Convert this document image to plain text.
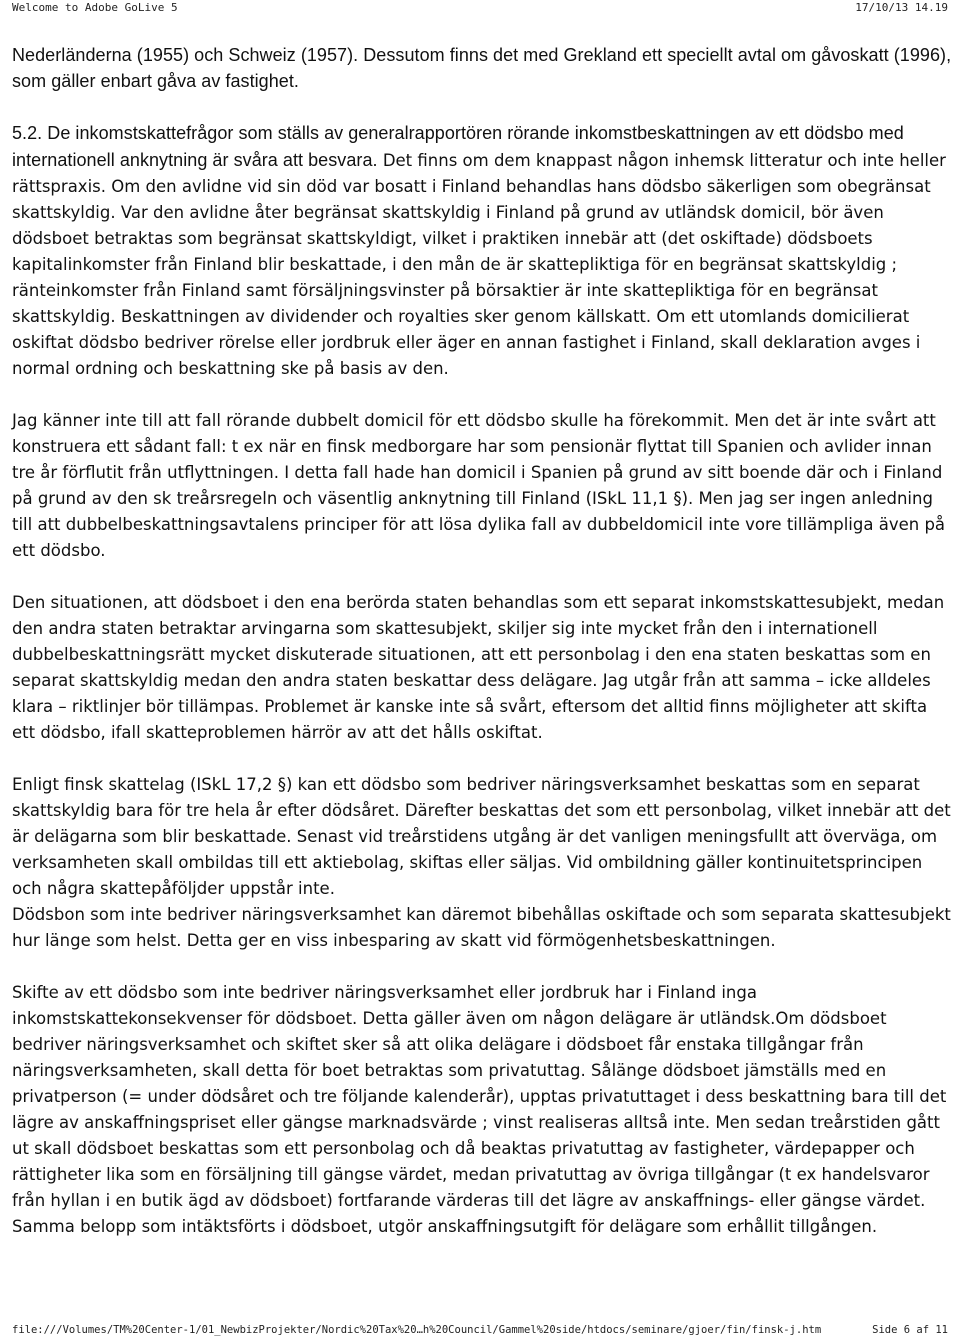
Welcome to Adobe GoLive 5	17/10/13 14.19

Nederländerna (1955) och Schweiz (1957). Dessutom finns det med Grekland ett speciellt avtal om gåvoskatt (1996), som gäller enbart gåva av fastighet.

5.2. De inkomstskattefrågor som ställs av generalrapportören rörande inkomstbeskattningen av ett dödsbo med internationell anknytning är svåra att besvara. Det finns om dem knappast någon inhemsk litteratur och inte heller rättspraxis. Om den avlidne vid sin död var bosatt i Finland behandlas hans dödsbo säkerligen som obegränsat skattskyldig. Var den avlidne åter begränsat skattskyldig i Finland på grund av utländsk domicil, bör även dödsboet betraktas som begränsat skattskyldigt, vilket i praktiken innebär att (det oskiftade) dödsboets kapitalinkomster från Finland blir beskattade, i den mån de är skattepliktiga för en begränsat skattskyldig ; ränteinkomster från Finland samt försäljningsvinster på börsaktier är inte skattepliktiga för en begränsat skattskyldig. Beskattningen av dividender och royalties sker genom källskatt. Om ett utomlands domicilierat oskiftat dödsbo bedriver rörelse eller jordbruk eller äger en annan fastighet i Finland, skall deklaration avges i normal ordning och beskattning ske på basis av den.

Jag känner inte till att fall rörande dubbelt domicil för ett dödsbo skulle ha förekommit. Men det är inte svårt att konstruera ett sådant fall: t ex när en finsk medborgare har som pensionär flyttat till Spanien och avlider innan tre år förflutit från utflyttningen. I detta fall hade han domicil i Spanien på grund av sitt boende där och i Finland på grund av den sk treårsregeln och väsentlig anknytning till Finland (ISkL 11,1 §). Men jag ser ingen anledning till att dubbelbeskattningsavtalens principer för att lösa dylika fall av dubbeldomicil inte vore tillämpliga även på ett dödsbo.

Den situationen, att dödsboet i den ena berörda staten behandlas som ett separat inkomstskattesubjekt, medan den andra staten betraktar arvingarna som skattesubjekt, skiljer sig inte mycket från den i internationell dubbelbeskattningsrätt mycket diskuterade situationen, att ett personbolag i den ena staten beskattas som en separat skattskyldig medan den andra staten beskattar dess delägare. Jag utgår från att samma – icke alldeles klara – riktlinjer bör tillämpas. Problemet är kanske inte så svårt, eftersom det alltid finns möjligheter att skifta ett dödsbo, ifall skatteproblemen härrör av att det hålls oskiftat.

Enligt finsk skattelag (ISkL 17,2 §) kan ett dödsbo som bedriver näringsverksamhet beskattas som en separat skattskyldig bara för tre hela år efter dödsåret. Därefter beskattas det som ett personbolag, vilket innebär att det är delägarna som blir beskattade. Senast vid treårstidens utgång är det vanligen meningsfullt att överväga, om verksamheten skall ombildas till ett aktiebolag, skiftas eller säljas. Vid ombildning gäller kontinuitetsprincipen och några skattepåföljder uppstår inte.

Dödsbon som inte bedriver näringsverksamhet kan däremot bibehållas oskiftade och som separata skattesubjekt hur länge som helst. Detta ger en viss inbesparing av skatt vid förmögenhetsbeskattningen.

Skifte av ett dödsbo som inte bedriver näringsverksamhet eller jordbruk har i Finland inga inkomstskattekonsekvenser för dödsboet. Detta gäller även om någon delägare är utländsk.Om dödsboet bedriver näringsverksamhet och skiftet sker så att olika delägare i dödsboet får enstaka tillgångar från näringsverksamheten, skall detta för boet betraktas som privatuttag. Sålänge dödsboet jämställs med en privatperson (= under dödsåret och tre följande kalenderår), upptas privatuttaget i dess beskattning bara till det lägre av anskaffningspriset eller gängse marknadsvärde ; vinst realiseras alltså inte. Men sedan treårstiden gått ut skall dödsboet beskattas som ett personbolag och då beaktas privatuttag av fastigheter, värdepapper och rättigheter lika som en försäljning till gängse värdet, medan privatuttag av övriga tillgångar (t ex handelsvaror från hyllan i en butik ägd av dödsboet) fortfarande värderas till det lägre av anskaffnings- eller gängse värdet. Samma belopp som intäktsförts i dödsboet, utgör anskaffningsutgift för delägare som erhållit tillgången.

file:///Volumes/TM%20Center-1/01_NewbizProjekter/Nordic%20Tax%20…h%20Council/Gammel%20side/htdocs/seminare/gjoer/fin/finsk-j.htm	Side 6 af 11
